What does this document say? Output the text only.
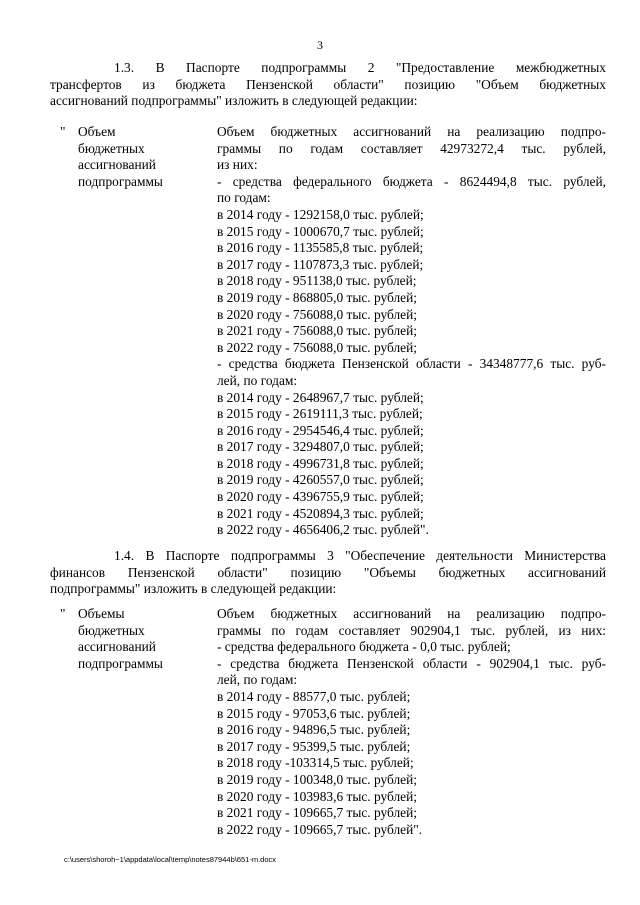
3
1.3. В Паспорте подпрограммы 2 "Предоставление межбюджетных
трансфертов из бюджета Пензенской области" позицию "Объем бюджетных
ассигнований подпрограммы" изложить в следующей редакции:
" Объем
бюджетных
ассигнований
подпрограммы
Объем бюджетных ассигнований на реализацию подпро-
граммы по годам составляет 42973272,4 тыс. рублей,
из них:
- средства федерального бюджета - 8624494,8 тыс. рублей,
по годам:
в 2014 году - 1292158,0 тыс. рублей;
в 2015 году - 1000670,7 тыс. рублей;
в 2016 году - 1135585,8 тыс. рублей;
в 2017 году - 1107873,3 тыс. рублей;
в 2018 году - 951138,0 тыс. рублей;
в 2019 году - 868805,0 тыс. рублей;
в 2020 году - 756088,0 тыс. рублей;
в 2021 году - 756088,0 тыс. рублей;
в 2022 году - 756088,0 тыс. рублей;
- средства бюджета Пензенской области - 34348777,6 тыс. руб-
лей, по годам:
в 2014 году - 2648967,7 тыс. рублей;
в 2015 году - 2619111,3 тыс. рублей;
в 2016 году - 2954546,4 тыс. рублей;
в 2017 году - 3294807,0 тыс. рублей;
в 2018 году - 4996731,8 тыс. рублей;
в 2019 году - 4260557,0 тыс. рублей;
в 2020 году - 4396755,9 тыс. рублей;
в 2021 году - 4520894,3 тыс. рублей;
в 2022 году - 4656406,2 тыс. рублей".
1.4. В Паспорте подпрограммы 3 "Обеспечение деятельности Министерства
финансов Пензенской области" позицию "Объемы бюджетных ассигнований
подпрограммы" изложить в следующей редакции:
" Объемы
бюджетных
ассигнований
подпрограммы
Объем бюджетных ассигнований на реализацию подпро-
граммы по годам составляет 902904,1 тыс. рублей, из них:
- средства федерального бюджета - 0,0 тыс. рублей;
- средства бюджета Пензенской области - 902904,1 тыс. руб-
лей, по годам:
в 2014 году - 88577,0 тыс. рублей;
в 2015 году - 97053,6 тыс. рублей;
в 2016 году - 94896,5 тыс. рублей;
в 2017 году - 95399,5 тыс. рублей;
в 2018 году -103314,5 тыс. рублей;
в 2019 году - 100348,0 тыс. рублей;
в 2020 году - 103983,6 тыс. рублей;
в 2021 году - 109665,7 тыс. рублей;
в 2022 году - 109665,7 тыс. рублей".
c:\users\shoroh~1\appdata\local\temp\notes87944b\651-m.docx
